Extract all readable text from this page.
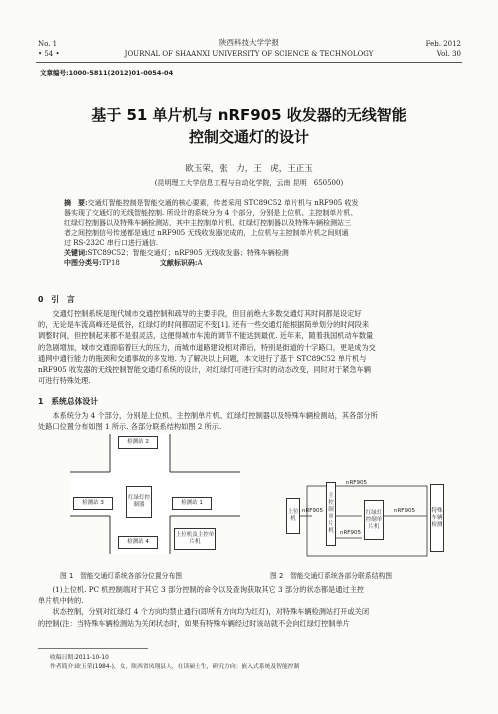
No. 1
• 54 •
陕西科技大学学报
JOURNAL OF SHAANXI UNIVERSITY OF SCIENCE & TECHNOLOGY
Feb. 2012
Vol. 30
文章编号:1000-5811(2012)01-0054-04
基于 51 单片机与 nRF905 收发器的无线智能
控制交通灯的设计
欧玉荣，张　力，王　虎，王正玉
(昆明理工大学信息工程与自动化学院，云南 昆明　650500)
摘　要:交通灯智能控制是智能交通的核心要素，传者采用 STC89C52 单片机与 nRF905 收发
器实现了交通灯的无线智能控制. 所设计的系统分为 4 个部分，分别是上位机、主控制单片机、
红绿灯控制器以及特殊车辆检测站，其中主控制单片机、红绿灯控制器以及特殊车辆检测站三
者之间控制信号传递都是通过 nRF905 无线收发器完成的，上位机与主控制单片机之间则通
过 RS-232C 串行口进行通信.
关键词:STC89C52；智能交通灯；nRF905 无线收发器；特殊车辆检测
中图分类号:TP18	文献标识码:A
0　引　言
　　交通灯控制系统是现代城市交通控制和疏导的主要手段，但目前绝大多数交通灯其时间都是设定好
的，无论是车流高峰还是低谷，红绿灯的时间都固定不变[1]. 还有一些交通灯能根据简单划分的时间段来
调整时间，但控制起来都不是很灵活，这便得城市车流的调节不能达到最优. 近年来，随着我国机动车数量
的急剧增加，城市交通面临着巨大的压力，而城市道路建设相对滞后，特别是街道的十字路口，更是成为交
通网中通行能力的瓶颈和交通事故的多发地. 为了解决以上问题，本文进行了基于 STC89C52 单片机与
nRF905 收发器的无线控制智能交通灯系统的设计，对红绿灯可进行实时的动态改变，同时对于紧急车辆
可进行特殊处理.
1　系统总体设计
　　本系统分为 4 个部分，分别是上位机、主控制单片机、红绿灯控制器以及特殊车辆检测站，其各部分所
处路口位置分布如图 1 所示. 各部分联系结构如图 2 所示.
检测站 2
检测站 3	检测站 1
检测站 4
红绿灯控制器
上位机及主控单片机
上位机
主控制单片机
nRF905
nRF905
nRF905
nRF905
红绿灯控制单片机
特殊车辆检测
图 1　智能交通灯系统各部分位置分布图	图 2　智能交通灯系统各部分联系结构图
　　(1)上位机. PC 机控制端对于其它 3 部分控制的命令以及查询获取其它 3 部分的状态都是通过主控
单片机中转的.
　　状态控制，分别对红绿灯 4 个方向均禁止通行(即所有方向均为红灯)，对特殊车辆检测站打开或关闭
的控制(注：当特殊车辆检测站为关闭状态时，如果有特殊车辆经过时该站就不会向红绿灯控制单片
收稿日期:2011-10-10
作者简介:欧玉荣(1984-)，女，陕西省凤翔县人，在读硕士生，研究方向：嵌入式系统及智能控制
